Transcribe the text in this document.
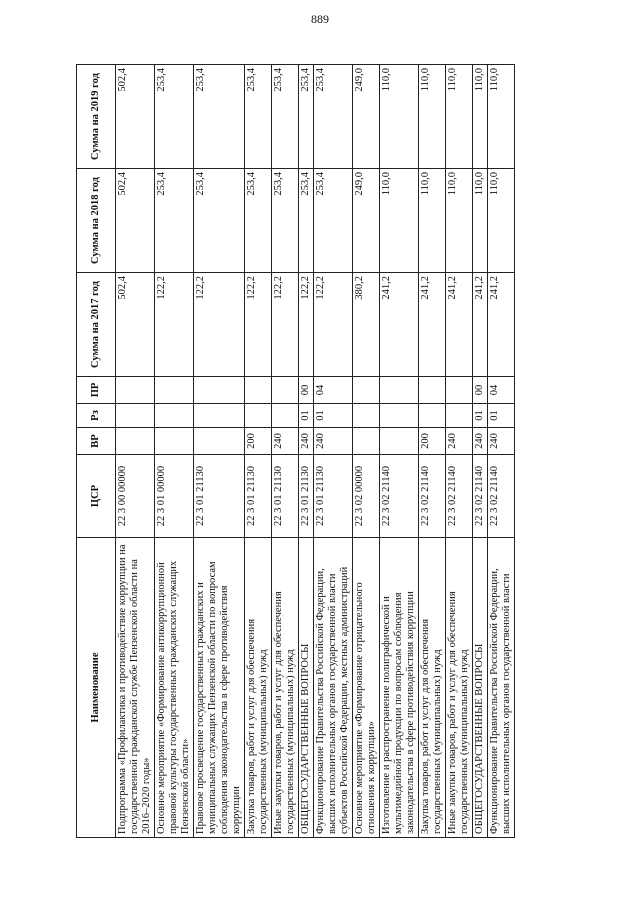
889
Наименование	ЦСР	ВР	Рз	ПР	Сумма на 2017 год	Сумма на 2018 год	Сумма на 2019 год
Подпрограмма «Профилактика и противодействие коррупции на государственной гражданской службе Пензенской области на 2016–2020 годы»	22 3 00 00000				502,4	502,4	502,4
Основное мероприятие «Формирование антикоррупционной правовой культуры государственных гражданских служащих Пензенской области»	22 3 01 00000				122,2	253,4	253,4
Правовое просвещение государственных гражданских и муниципальных служащих Пензенской области по вопросам соблюдения законодательства в сфере противодействия коррупции	22 3 01 21130				122,2	253,4	253,4
Закупка товаров, работ и услуг для обеспечения государственных (муниципальных) нужд	22 3 01 21130	200			122,2	253,4	253,4
Иные закупки товаров, работ и услуг для обеспечения государственных (муниципальных) нужд	22 3 01 21130	240			122,2	253,4	253,4
ОБЩЕГОСУДАРСТВЕННЫЕ ВОПРОСЫ	22 3 01 21130	240	01	00	122,2	253,4	253,4
Функционирование Правительства Российской Федерации, высших исполнительных органов государственной власти субъектов Российской Федерации, местных администраций	22 3 01 21130	240	01	04	122,2	253,4	253,4
Основное мероприятие «Формирование отрицательного отношения к коррупции»	22 3 02 00000				380,2	249,0	249,0
Изготовление и распространение полиграфической и мультимедийной продукции по вопросам соблюдения законодательства в сфере противодействия коррупции	22 3 02 21140				241,2	110,0	110,0
Закупка товаров, работ и услуг для обеспечения государственных (муниципальных) нужд	22 3 02 21140	200			241,2	110,0	110,0
Иные закупки товаров, работ и услуг для обеспечения государственных (муниципальных) нужд	22 3 02 21140	240			241,2	110,0	110,0
ОБЩЕГОСУДАРСТВЕННЫЕ ВОПРОСЫ	22 3 02 21140	240	01	00	241,2	110,0	110,0
Функционирование Правительства Российской Федерации, высших исполнительных органов государственной власти	22 3 02 21140	240	01	04	241,2	110,0	110,0
